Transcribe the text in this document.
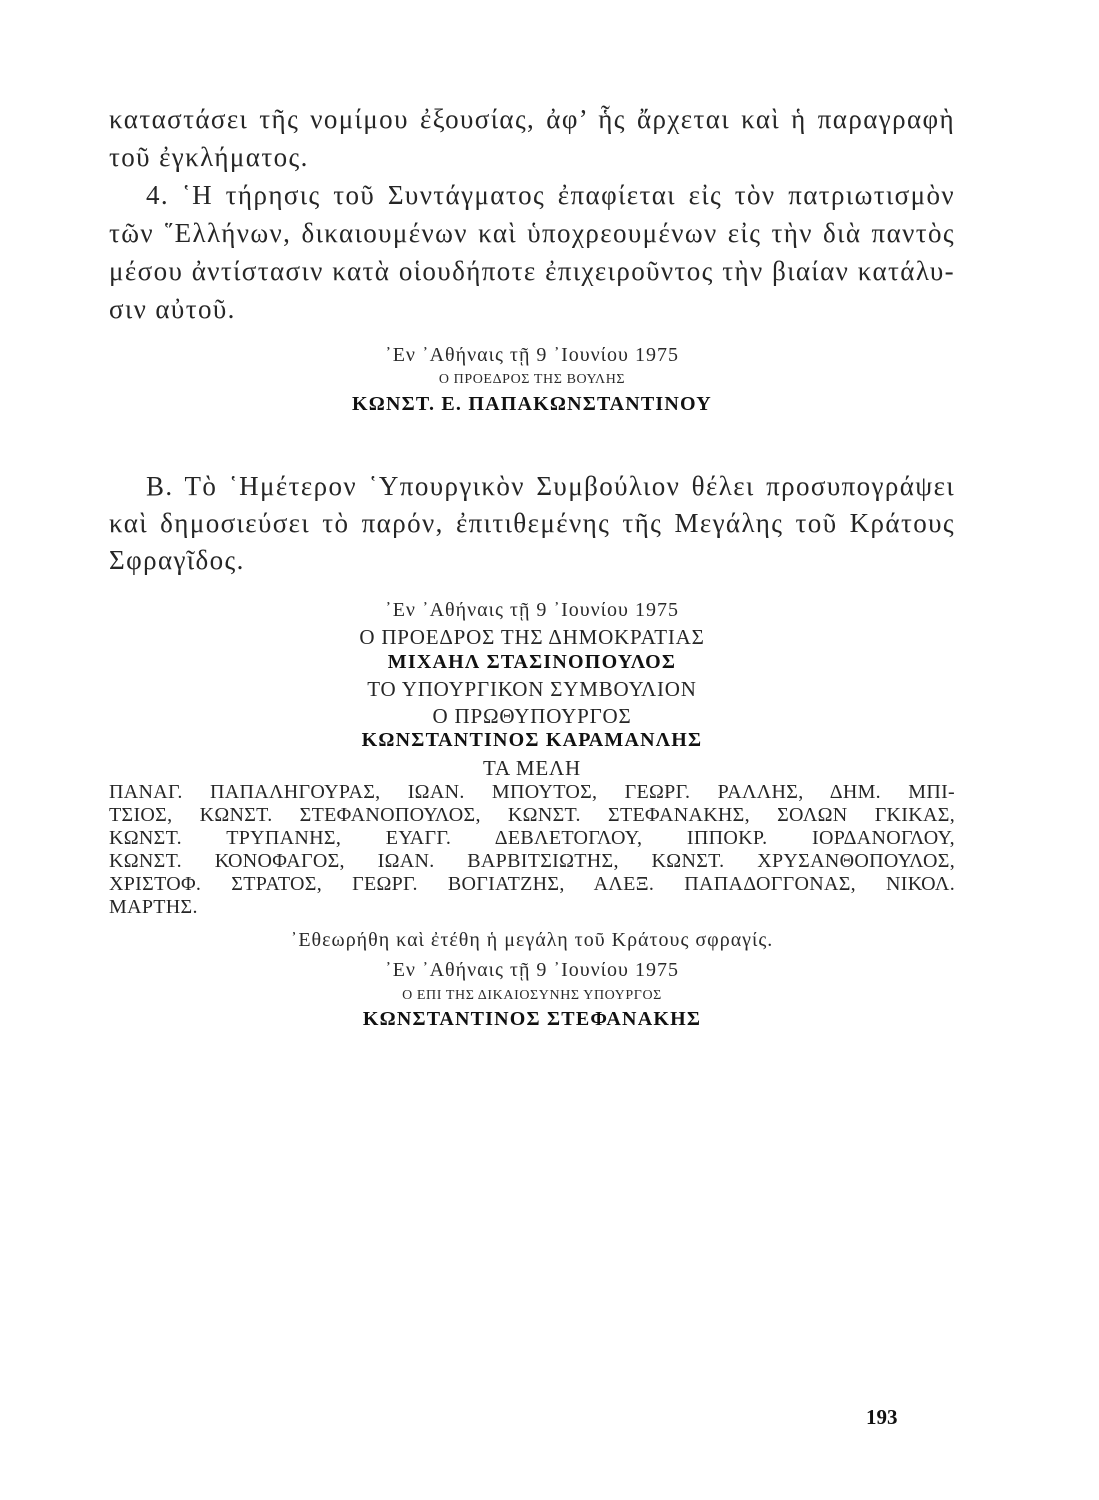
καταστάσει τῆς νομίμου ἐξουσίας, ἀφ’ ἧς ἄρχεται καὶ ἡ παραγραφὴ
τοῦ ἐγκλήματος.
4. ῾Η τήρησις τοῦ Συντάγματος ἐπαφίεται εἰς τὸν πατριωτισμὸν
τῶν ῞Ελλήνων, δικαιουμένων καὶ ὑποχρεουμένων εἰς τὴν διὰ παντὸς
μέσου ἀντίστασιν κατὰ οἱουδήποτε ἐπιχειροῦντος τὴν βιαίαν κατάλυ-
σιν αὐτοῦ.
᾿Εν ᾿Αθήναις τῇ 9 ᾿Ιουνίου 1975
Ο ΠΡΟΕΔΡΟΣ ΤΗΣ ΒΟΥΛΗΣ
ΚΩΝΣΤ. Ε. ΠΑΠΑΚΩΝΣΤΑΝΤΙΝΟΥ
Β. Τὸ ῾Ημέτερον ῾Υπουργικὸν Συμβούλιον θέλει προσυπογράψει
καὶ δημοσιεύσει τὸ παρόν, ἐπιτιθεμένης τῆς Μεγάλης τοῦ Κράτους
Σφραγῖδος.
᾿Εν ᾿Αθήναις τῇ 9 ᾿Ιουνίου 1975
Ο ΠΡΟΕΔΡΟΣ ΤΗΣ ΔΗΜΟΚΡΑΤΙΑΣ
ΜΙΧΑΗΛ ΣΤΑΣΙΝΟΠΟΥΛΟΣ
ΤΟ ΥΠΟΥΡΓΙΚΟΝ ΣΥΜΒΟΥΛΙΟΝ
Ο ΠΡΩΘΥΠΟΥΡΓΟΣ
ΚΩΝΣΤΑΝΤΙΝΟΣ ΚΑΡΑΜΑΝΛΗΣ
ΤΑ ΜΕΛΗ
ΠΑΝΑΓ. ΠΑΠΑΛΗΓΟΥΡΑΣ, ΙΩΑΝ. ΜΠΟΥΤΟΣ, ΓΕΩΡΓ. ΡΑΛΛΗΣ, ΔΗΜ. ΜΠΙ-
ΤΣΙΟΣ, ΚΩΝΣΤ. ΣΤΕΦΑΝΟΠΟΥΛΟΣ, ΚΩΝΣΤ. ΣΤΕΦΑΝΑΚΗΣ, ΣΟΛΩΝ ΓΚΙΚΑΣ,
ΚΩΝΣΤ. ΤΡΥΠΑΝΗΣ, ΕΥΑΓΓ. ΔΕΒΛΕΤΟΓΛΟΥ, ΙΠΠΟΚΡ. ΙΟΡΔΑΝΟΓΛΟΥ,
ΚΩΝΣΤ. ΚΟΝΟΦΑΓΟΣ, ΙΩΑΝ. ΒΑΡΒΙΤΣΙΩΤΗΣ, ΚΩΝΣΤ. ΧΡΥΣΑΝΘΟΠΟΥΛΟΣ,
ΧΡΙΣΤΟΦ. ΣΤΡΑΤΟΣ, ΓΕΩΡΓ. ΒΟΓΙΑΤΖΗΣ, ΑΛΕΞ. ΠΑΠΑΔΟΓΓΟΝΑΣ, ΝΙΚΟΛ.
ΜΑΡΤΗΣ.
᾿Εθεωρήθη καὶ ἐτέθη ἡ μεγάλη τοῦ Κράτους σφραγίς.
᾿Εν ᾿Αθήναις τῇ 9 ᾿Ιουνίου 1975
Ο ΕΠΙ ΤΗΣ ΔΙΚΑΙΟΣΥΝΗΣ ΥΠΟΥΡΓΟΣ
ΚΩΝΣΤΑΝΤΙΝΟΣ ΣΤΕΦΑΝΑΚΗΣ
193
